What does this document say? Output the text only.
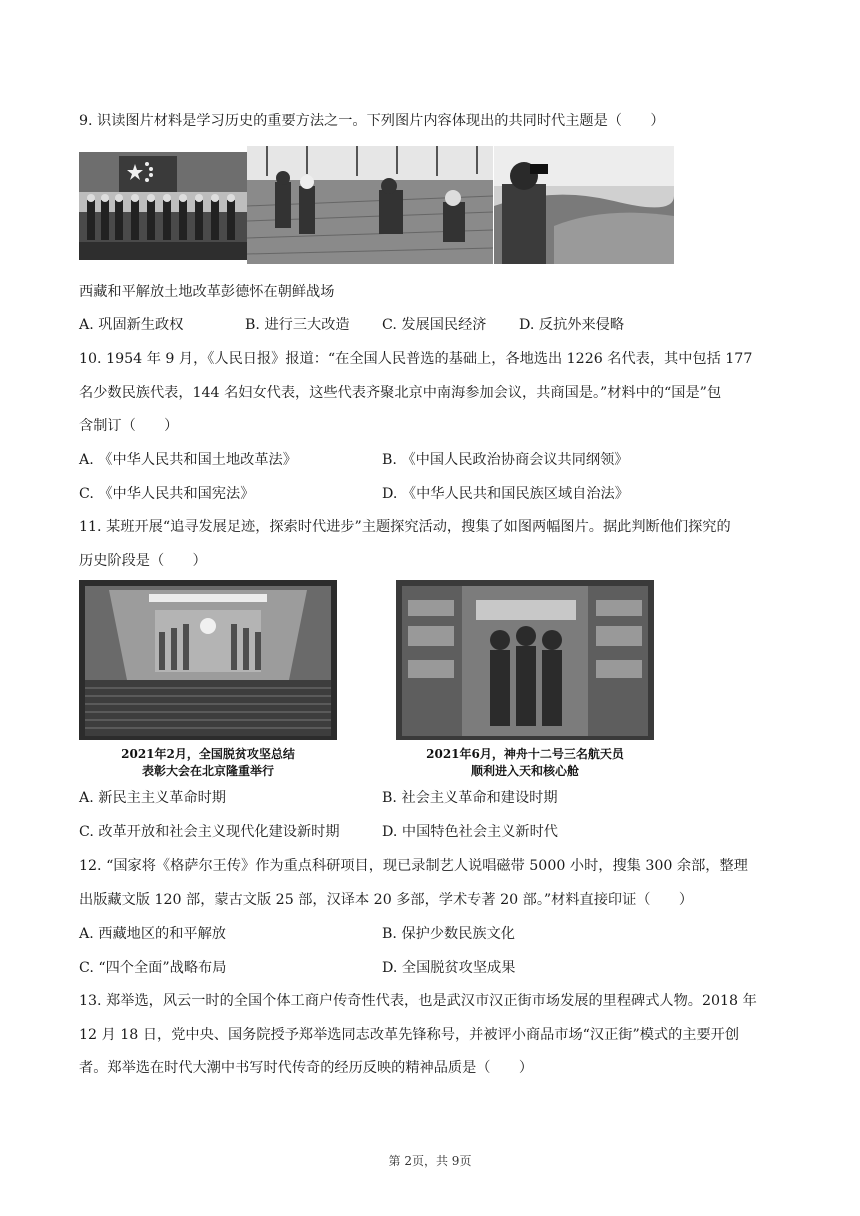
9. 识读图片材料是学习历史的重要方法之一。下列图片内容体现出的共同时代主题是（　　）
西藏和平解放土地改革彭德怀在朝鲜战场
A. 巩固新生政权	B. 进行三大改造 C. 发展国民经济 D. 反抗外来侵略
10. 1954 年 9 月，《人民日报》报道：“在全国人民普选的基础上，各地选出 1226 名代表，其中包括 177
名少数民族代表，144 名妇女代表，这些代表齐聚北京中南海参加会议，共商国是。”材料中的“国是”包
含制订（　　）
A. 《中华人民共和国土地改革法》	B. 《中国人民政治协商会议共同纲领》
C. 《中华人民共和国宪法》	D. 《中华人民共和国民族区域自治法》
11. 某班开展“追寻发展足迹，探索时代进步”主题探究活动，搜集了如图两幅图片。据此判断他们探究的
历史阶段是（　　）
2021年2月，全国脱贫攻坚总结
表彰大会在北京隆重举行
2021年6月，神舟十二号三名航天员
顺利进入天和核心舱
A. 新民主主义革命时期	B. 社会主义革命和建设时期
C. 改革开放和社会主义现代化建设新时期	D. 中国特色社会主义新时代
12. “国家将《格萨尔王传》作为重点科研项目，现已录制艺人说唱磁带 5000 小时，搜集 300 余部，整理
出版藏文版 120 部，蒙古文版 25 部，汉译本 20 多部，学术专著 20 部。”材料直接印证（　　）
A. 西藏地区的和平解放	B. 保护少数民族文化
C. “四个全面”战略布局	D. 全国脱贫攻坚成果
13. 郑举选，风云一时的全国个体工商户传奇性代表，也是武汉市汉正街市场发展的里程碑式人物。2018 年
12 月 18 日，党中央、国务院授予郑举选同志改革先锋称号，并被评小商品市场“汉正街”模式的主要开创
者。郑举选在时代大潮中书写时代传奇的经历反映的精神品质是（　　）
第 2页，共 9页
